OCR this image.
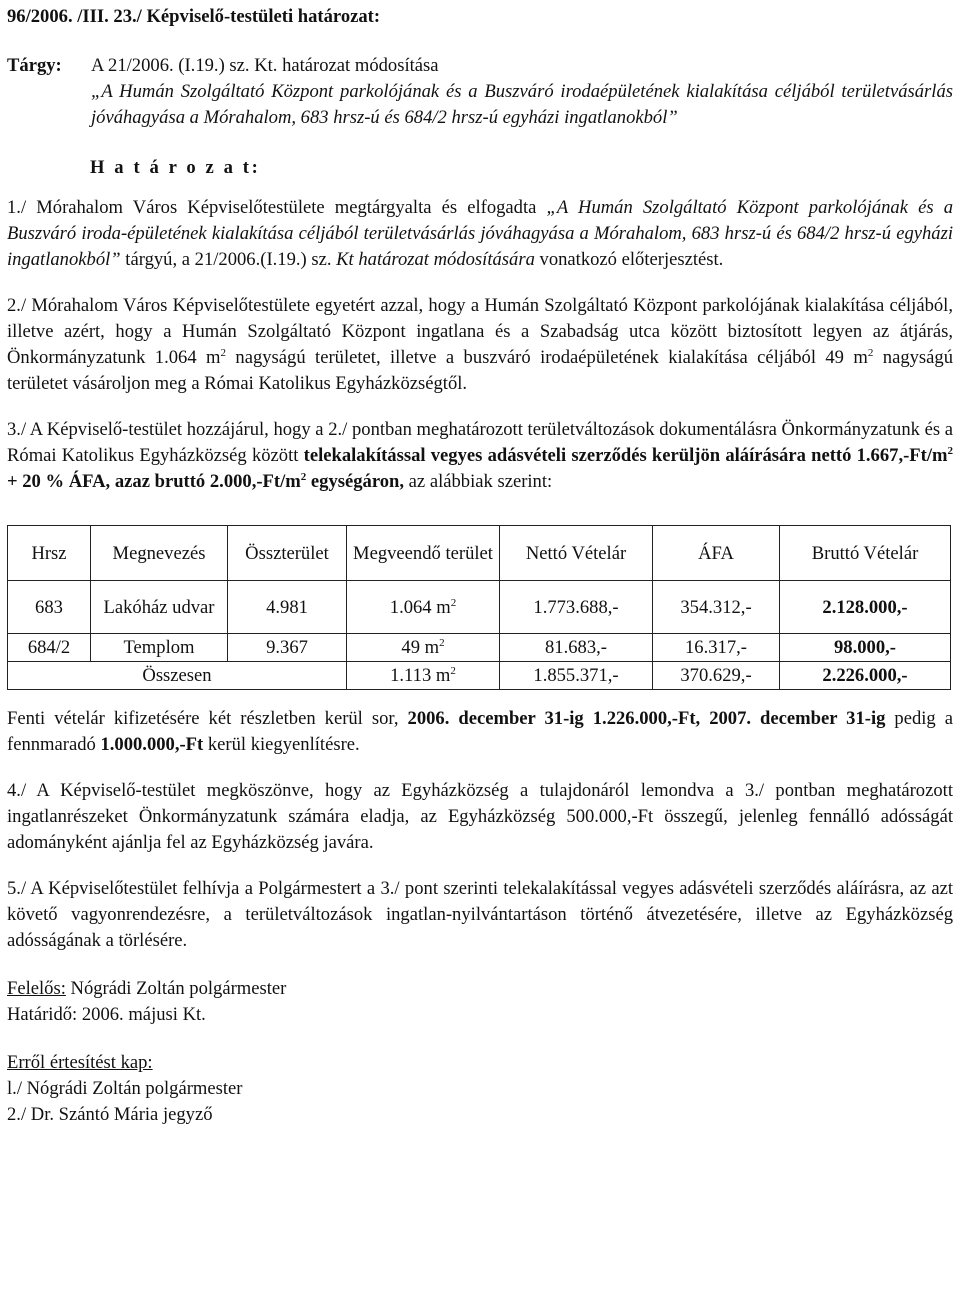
96/2006. /III. 23./ Képviselő-testületi határozat:

Tárgy:	A 21/2006. (I.19.) sz. Kt. határozat módosítása
„A Humán Szolgáltató Központ parkolójának és a Buszváró irodaépületének kialakítása céljából területvásárlás jóváhagyása a Mórahalom, 683 hrsz-ú és 684/2 hrsz-ú egyházi ingatlanokból”

H a t á r o z a t:

1./ Mórahalom Város Képviselőtestülete megtárgyalta és elfogadta „A Humán Szolgáltató Központ parkolójának és a Buszváró iroda-épületének kialakítása céljából területvásárlás jóváhagyása a Mórahalom, 683 hrsz-ú és 684/2 hrsz-ú egyházi ingatlanokból” tárgyú, a 21/2006.(I.19.) sz. Kt határozat módosítására vonatkozó előterjesztést.

2./ Mórahalom Város Képviselőtestülete egyetért azzal, hogy a Humán Szolgáltató Központ parkolójának kialakítása céljából, illetve azért, hogy a Humán Szolgáltató Központ ingatlana és a Szabadság utca között biztosított legyen az átjárás, Önkormányzatunk 1.064 $m^2$ nagyságú területet, illetve a buszváró irodaépületének kialakítása céljából 49 $m^2$ nagyságú területet vásároljon meg a Római Katolikus Egyházközségtől.

3./ A Képviselő-testület hozzájárul, hogy a 2./ pontban meghatározott területváltozások dokumentálásra Önkormányzatunk és a Római Katolikus Egyházközség között telekalakítással vegyes adásvételi szerződés kerüljön aláírására nettó $1.667,-Ft/m^2 + 20$ % ÁFA, azaz bruttó $2.000,-Ft/m^2$ egységáron, az alábbiak szerint:

Hrsz	Megnevezés	Összterület	Megveendő terület	Nettó Vételár	ÁFA	Bruttó Vételár
683	Lakóház udvar	4.981	1.064 $m^2$	1.773.688,-	354.312,-	2.128.000,-
684/2	Templom	9.367	49 $m^2$	81.683,-	16.317,-	98.000,-
Összesen			1.113 $m^2$	1.855.371,-	370.629,-	2.226.000,-

Fenti vételár kifizetésére két részletben kerül sor, 2006. december 31-ig 1.226.000,-Ft, 2007. december 31-ig pedig a fennmaradó 1.000.000,-Ft kerül kiegyenlítésre.

4./ A Képviselő-testület megköszönve, hogy az Egyházközség a tulajdonáról lemondva a 3./ pontban meghatározott ingatlanrészeket Önkormányzatunk számára eladja, az Egyházközség 500.000,-Ft összegű, jelenleg fennálló adósságát adományként ajánlja fel az Egyházközség javára.

5./ A Képviselőtestület felhívja a Polgármestert a 3./ pont szerinti telekalakítással vegyes adásvételi szerződés aláírásra, az azt követő vagyonrendezésre, a területváltozások ingatlan-nyilvántartáson történő átvezetésére, illetve az Egyházközség adósságának a törlésére.

Felelős: Nógrádi Zoltán polgármester

Határidő: 2006. májusi Kt.

Erről értesítést kap:

l./ Nógrádi Zoltán polgármester

2./ Dr. Szántó Mária jegyző
